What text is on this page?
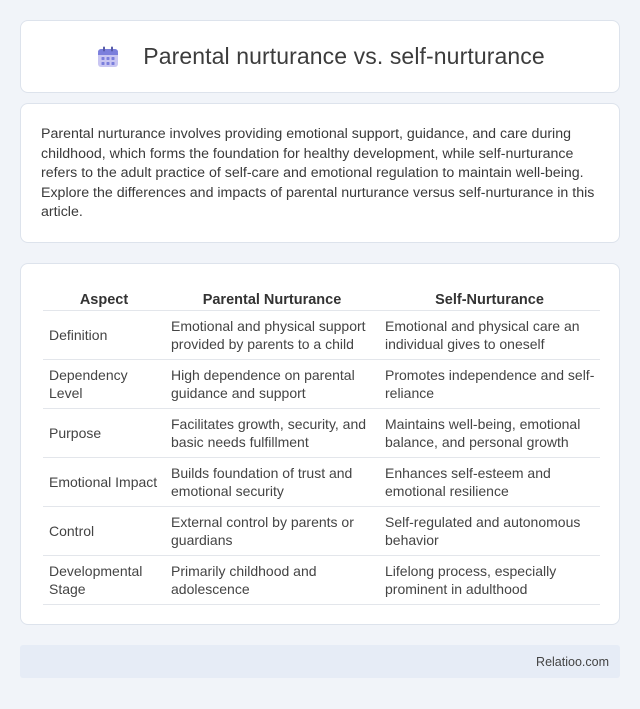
Parental nurturance vs. self-nurturance

Parental nurturance involves providing emotional support, guidance, and care during childhood, which forms the foundation for healthy development, while self-nurturance refers to the adult practice of self-care and emotional regulation to maintain well-being. Explore the differences and impacts of parental nurturance versus self-nurturance in this article.

Aspect	Parental Nurturance	Self-Nurturance
Definition	Emotional and physical support provided by parents to a child	Emotional and physical care an individual gives to oneself
Dependency Level	High dependence on parental guidance and support	Promotes independence and self-reliance
Purpose	Facilitates growth, security, and basic needs fulfillment	Maintains well-being, emotional balance, and personal growth
Emotional Impact	Builds foundation of trust and emotional security	Enhances self-esteem and emotional resilience
Control	External control by parents or guardians	Self-regulated and autonomous behavior
Developmental Stage	Primarily childhood and adolescence	Lifelong process, especially prominent in adulthood
Relatioo.com
